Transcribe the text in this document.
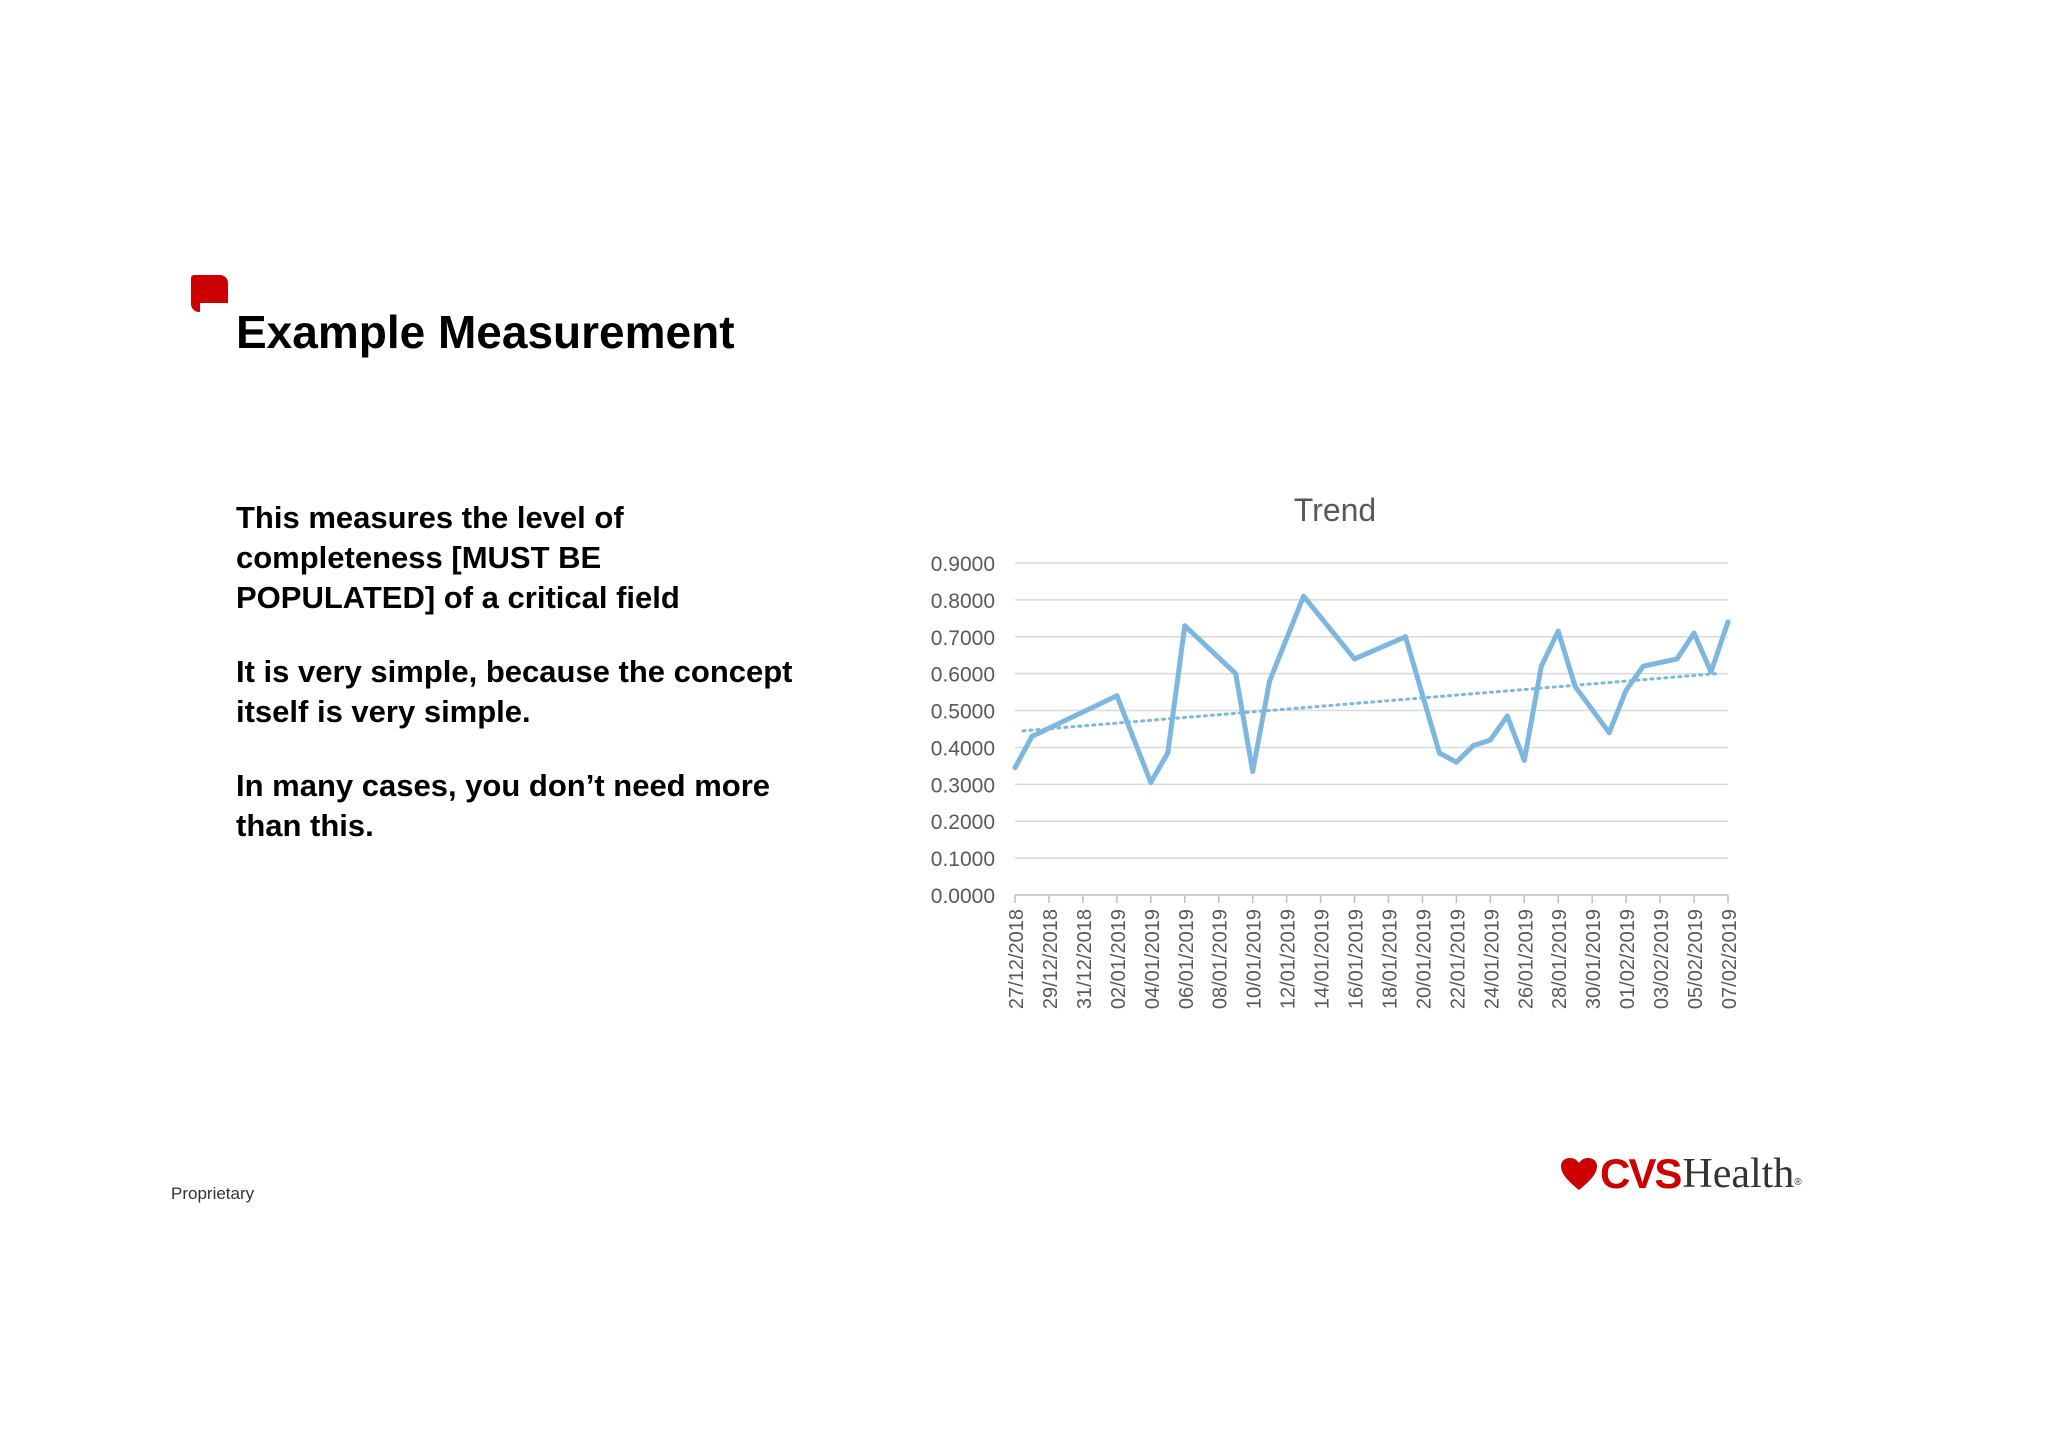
Example Measurement

This measures the level of completeness [MUST BE POPULATED] of a critical field

It is very simple, because the concept itself is very simple.

In many cases, you don’t need more than this.

Trend
0.0000
0.1000
0.2000
0.3000
0.4000
0.5000
0.6000
0.7000
0.8000
0.9000
27/12/2018 29/12/2018 31/12/2018 02/01/2019 04/01/2019 06/01/2019 08/01/2019 10/01/2019 12/01/2019 14/01/2019 16/01/2019 18/01/2019 20/01/2019 22/01/2019 24/01/2019 26/01/2019 28/01/2019 30/01/2019 01/02/2019 03/02/2019 05/02/2019 07/02/2019
Proprietary	CVS Health ®
